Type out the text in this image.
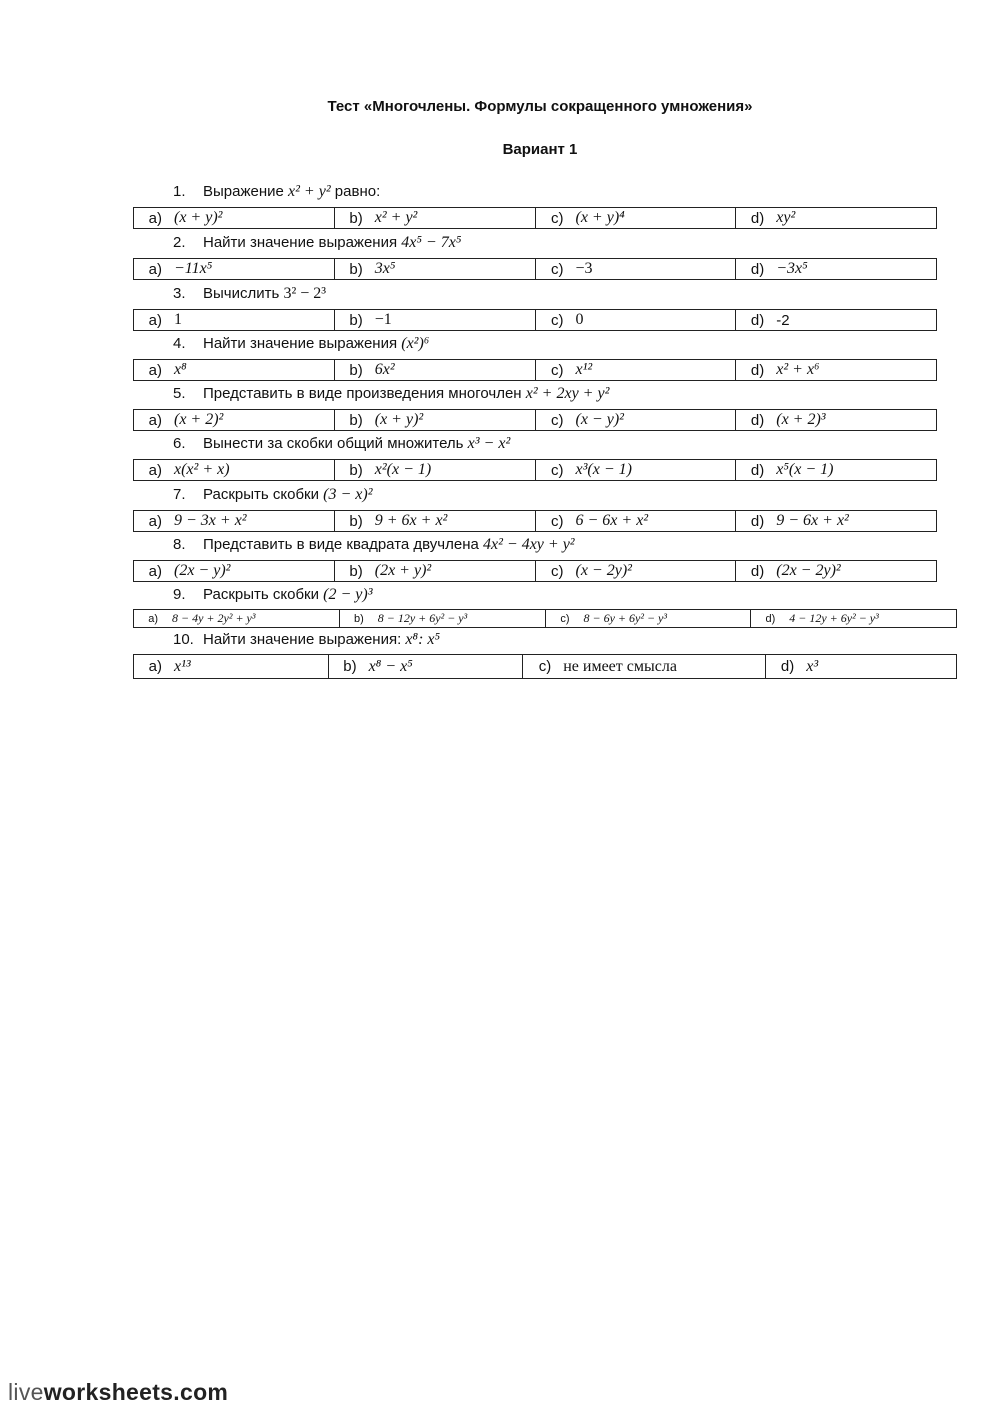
Тест «Многочлены. Формулы сокращенного умножения»
Вариант 1
1. Выражение x² + y² равно:
a) (x + y)²	b) x² + y²	c) (x + y)⁴	d) xy²
2. Найти значение выражения 4x⁵ − 7x⁵
a) −11x⁵	b) 3x⁵	c) −3	d) −3x⁵
3. Вычислить 3² − 2³
a) 1	b) −1	c) 0	d) -2
4. Найти значение выражения (x²)⁶
a) x⁸	b) 6x²	c) x¹²	d) x² + x⁶
5. Представить в виде произведения многочлен x² + 2xy + y²
a) (x + 2)²	b) (x + y)²	c) (x − y)²	d) (x + 2)³
6. Вынести за скобки общий множитель x³ − x²
a) x(x² + x)	b) x²(x − 1)	c) x³(x − 1)	d) x⁵(x − 1)
7. Раскрыть скобки (3 − x)²
a) 9 − 3x + x²	b) 9 + 6x + x²	c) 6 − 6x + x²	d) 9 − 6x + x²
8. Представить в виде квадрата двучлена 4x² − 4xy + y²
a) (2x − y)²	b) (2x + y)²	c) (x − 2y)²	d) (2x − 2y)²
9. Раскрыть скобки (2 − y)³
a) 8 − 4y + 2y² + y³	b) 8 − 12y + 6y² − y³	c) 8 − 6y + 6y² − y³	d) 4 − 12y + 6y² − y³
10. Найти значение выражения: x⁸: x⁵
a) x¹³	b) x⁸ − x⁵	c) не имеет смысла	d) x³
liveworksheets.com
